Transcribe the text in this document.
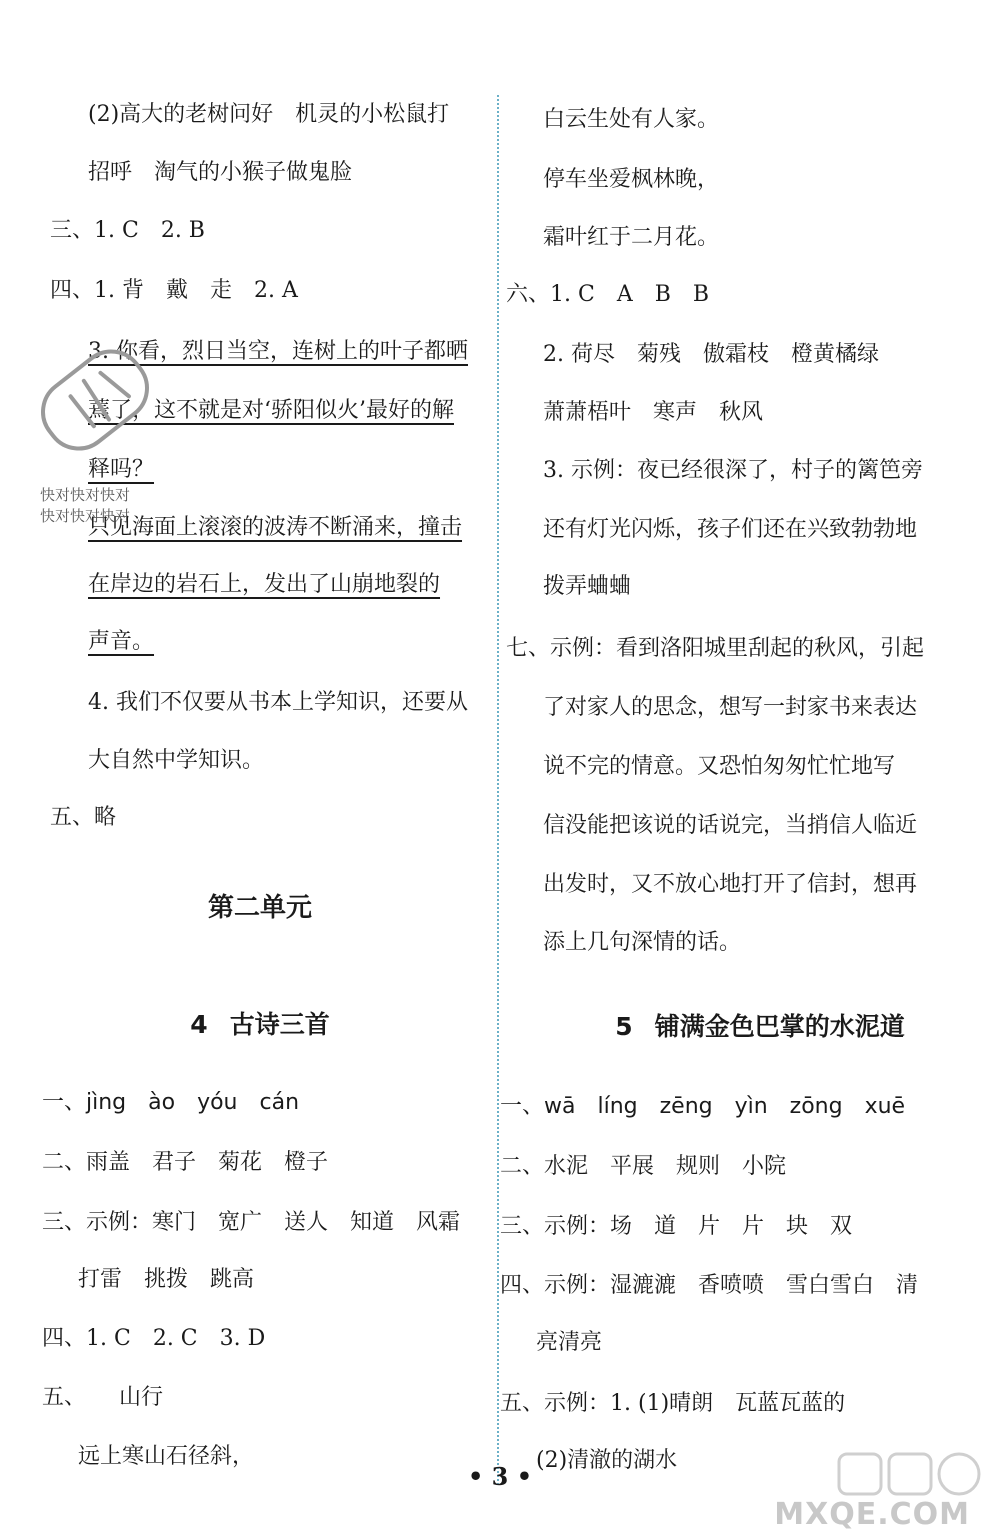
(2)高大的老树问好　机灵的小松鼠打
招呼　淘气的小猴子做鬼脸
三、1. C　2. B
四、1. 背　戴　走　2. A
3. 你看，烈日当空，连树上的叶子都晒
蔫了，这不就是对‘骄阳似火’最好的解
释吗？
只见海面上滚滚的波涛不断涌来，撞击
在岸边的岩石上，发出了山崩地裂的
声音。
4. 我们不仅要从书本上学知识，还要从
大自然中学知识。
五、略
第二单元
4 古诗三首
一、jìng　ào　yóu　cán
二、雨盖　君子　菊花　橙子
三、示例：寒门　宽广　送人　知道　风霜
打雷　挑拨　跳高
四、1. C　2. C　3. D
五、　　山行
远上寒山石径斜，
白云生处有人家。
停车坐爱枫林晚，
霜叶红于二月花。
六、1. C　A　B　B
2. 荷尽　菊残　傲霜枝　橙黄橘绿
萧萧梧叶　寒声　秋风
3. 示例：夜已经很深了，村子的篱笆旁
还有灯光闪烁，孩子们还在兴致勃勃地
拨弄蛐蛐
七、示例：看到洛阳城里刮起的秋风，引起
了对家人的思念，想写一封家书来表达
说不完的情意。又恐怕匆匆忙忙地写
信没能把该说的话说完，当捎信人临近
出发时，又不放心地打开了信封，想再
添上几句深情的话。
5 铺满金色巴掌的水泥道
一、wā　líng　zēng　yìn　zōng　xuē
二、水泥　平展　规则　小院
三、示例：场　道　片　片　块　双
四、示例：湿漉漉　香喷喷　雪白雪白　清
亮清亮
五、示例：1. (1)晴朗　瓦蓝瓦蓝的
(2)清澈的湖水
• 3 •
快对快对快对
快对快对快对
MXQE.COM
